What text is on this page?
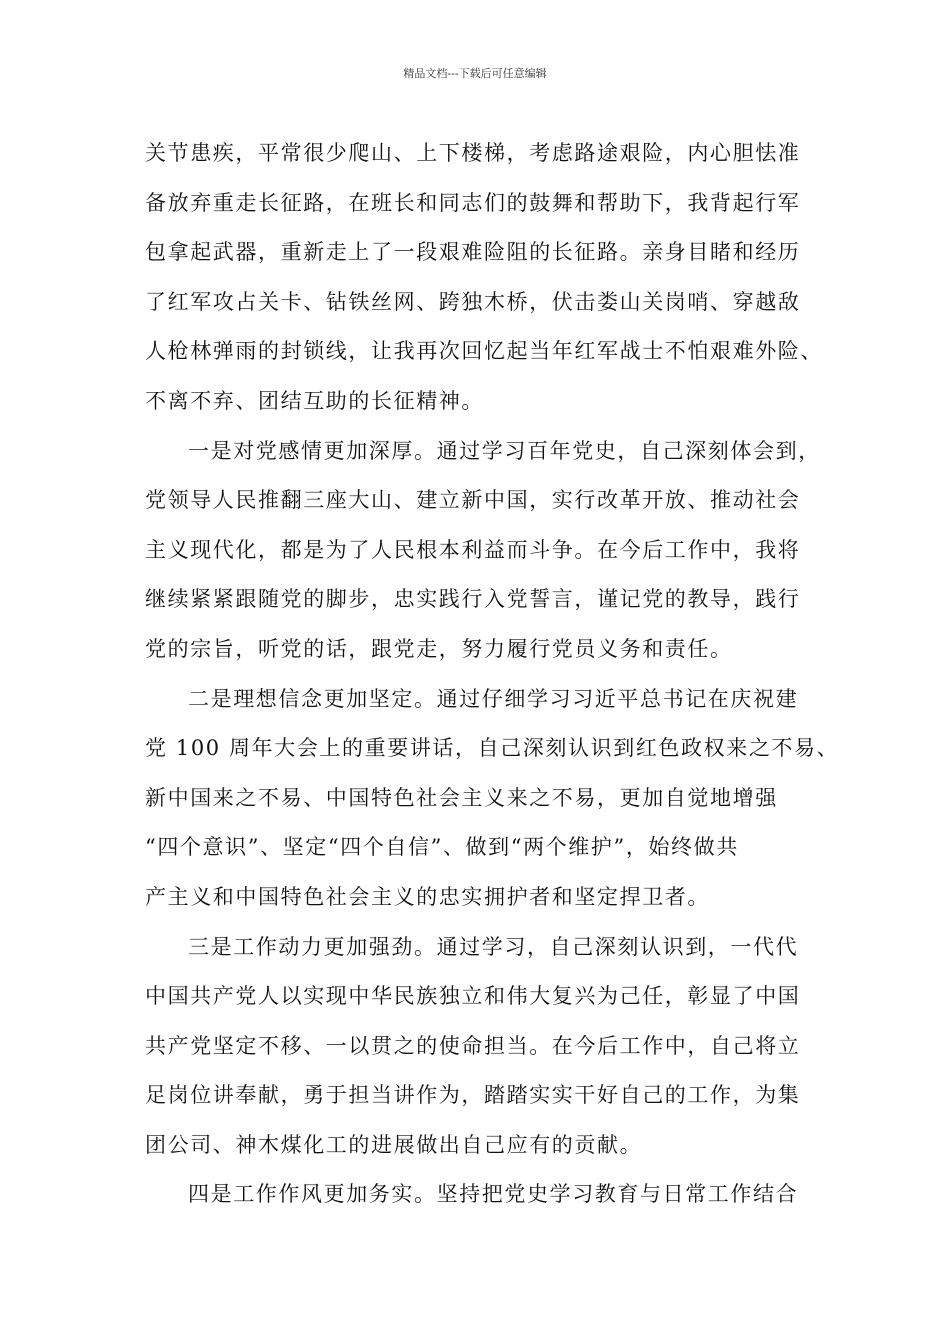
精品文档---下载后可任意编辑
关节患疾，平常很少爬山、上下楼梯，考虑路途艰险，内心胆怯准
备放弃重走长征路，在班长和同志们的鼓舞和帮助下，我背起行军
包拿起武器，重新走上了一段艰难险阻的长征路。亲身目睹和经历
了红军攻占关卡、钻铁丝网、跨独木桥，伏击娄山关岗哨、穿越敌
人枪林弹雨的封锁线，让我再次回忆起当年红军战士不怕艰难外险、
不离不弃、团结互助的长征精神。
一是对党感情更加深厚。通过学习百年党史，自己深刻体会到，
党领导人民推翻三座大山、建立新中国，实行改革开放、推动社会
主义现代化，都是为了人民根本利益而斗争。在今后工作中，我将
继续紧紧跟随党的脚步，忠实践行入党誓言，谨记党的教导，践行
党的宗旨，听党的话，跟党走，努力履行党员义务和责任。
二是理想信念更加坚定。通过仔细学习习近平总书记在庆祝建
党 100 周年大会上的重要讲话，自己深刻认识到红色政权来之不易、
新中国来之不易、中国特色社会主义来之不易，更加自觉地增强
“四个意识”、坚定“四个自信”、做到“两个维护”，始终做共
产主义和中国特色社会主义的忠实拥护者和坚定捍卫者。
三是工作动力更加强劲。通过学习，自己深刻认识到，一代代
中国共产党人以实现中华民族独立和伟大复兴为己任，彰显了中国
共产党坚定不移、一以贯之的使命担当。在今后工作中，自己将立
足岗位讲奉献，勇于担当讲作为，踏踏实实干好自己的工作，为集
团公司、神木煤化工的进展做出自己应有的贡献。
四是工作作风更加务实。坚持把党史学习教育与日常工作结合
